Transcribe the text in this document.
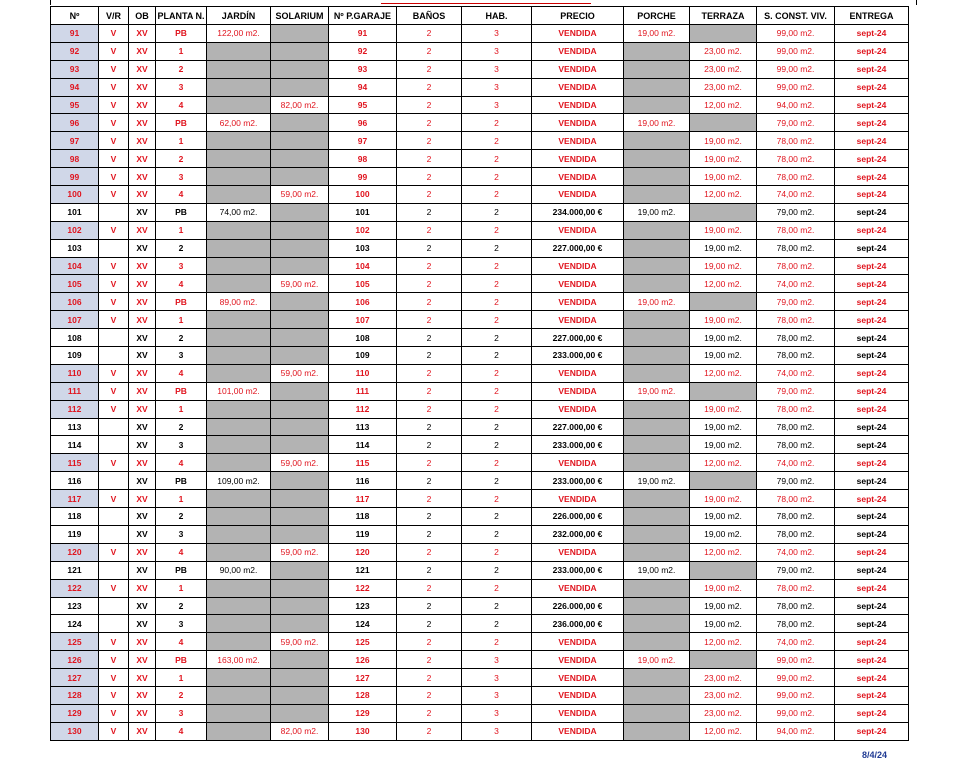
Nº	V/R	OB	PLANTA N.	JARDÍN	SOLARIUM	Nº P.GARAJE	BAÑOS	HAB.	PRECIO	PORCHE	TERRAZA	S. CONST. VIV.	ENTREGA
91	V	XV	PB	122,00 m2.		91	2	3	VENDIDA	19,00 m2.		99,00 m2.	sept-24
92	V	XV	1			92	2	3	VENDIDA		23,00 m2.	99,00 m2.	sept-24
93	V	XV	2			93	2	3	VENDIDA		23,00 m2.	99,00 m2.	sept-24
94	V	XV	3			94	2	3	VENDIDA		23,00 m2.	99,00 m2.	sept-24
95	V	XV	4		82,00 m2.	95	2	3	VENDIDA		12,00 m2.	94,00 m2.	sept-24
96	V	XV	PB	62,00 m2.		96	2	2	VENDIDA	19,00 m2.		79,00 m2.	sept-24
97	V	XV	1			97	2	2	VENDIDA		19,00 m2.	78,00 m2.	sept-24
98	V	XV	2			98	2	2	VENDIDA		19,00 m2.	78,00 m2.	sept-24
99	V	XV	3			99	2	2	VENDIDA		19,00 m2.	78,00 m2.	sept-24
100	V	XV	4		59,00 m2.	100	2	2	VENDIDA		12,00 m2.	74,00 m2.	sept-24
101		XV	PB	74,00 m2.		101	2	2	234.000,00 €	19,00 m2.		79,00 m2.	sept-24
102	V	XV	1			102	2	2	VENDIDA		19,00 m2.	78,00 m2.	sept-24
103		XV	2			103	2	2	227.000,00 €		19,00 m2.	78,00 m2.	sept-24
104	V	XV	3			104	2	2	VENDIDA		19,00 m2.	78,00 m2.	sept-24
105	V	XV	4		59,00 m2.	105	2	2	VENDIDA		12,00 m2.	74,00 m2.	sept-24
106	V	XV	PB	89,00 m2.		106	2	2	VENDIDA	19,00 m2.		79,00 m2.	sept-24
107	V	XV	1			107	2	2	VENDIDA		19,00 m2.	78,00 m2.	sept-24
108		XV	2			108	2	2	227.000,00 €		19,00 m2.	78,00 m2.	sept-24
109		XV	3			109	2	2	233.000,00 €		19,00 m2.	78,00 m2.	sept-24
110	V	XV	4		59,00 m2.	110	2	2	VENDIDA		12,00 m2.	74,00 m2.	sept-24
111	V	XV	PB	101,00 m2.		111	2	2	VENDIDA	19,00 m2.		79,00 m2.	sept-24
112	V	XV	1			112	2	2	VENDIDA		19,00 m2.	78,00 m2.	sept-24
113		XV	2			113	2	2	227.000,00 €		19,00 m2.	78,00 m2.	sept-24
114		XV	3			114	2	2	233.000,00 €		19,00 m2.	78,00 m2.	sept-24
115	V	XV	4		59,00 m2.	115	2	2	VENDIDA		12,00 m2.	74,00 m2.	sept-24
116		XV	PB	109,00 m2.		116	2	2	233.000,00 €	19,00 m2.		79,00 m2.	sept-24
117	V	XV	1			117	2	2	VENDIDA		19,00 m2.	78,00 m2.	sept-24
118		XV	2			118	2	2	226.000,00 €		19,00 m2.	78,00 m2.	sept-24
119		XV	3			119	2	2	232.000,00 €		19,00 m2.	78,00 m2.	sept-24
120	V	XV	4		59,00 m2.	120	2	2	VENDIDA		12,00 m2.	74,00 m2.	sept-24
121		XV	PB	90,00 m2.		121	2	2	233.000,00 €	19,00 m2.		79,00 m2.	sept-24
122	V	XV	1			122	2	2	VENDIDA		19,00 m2.	78,00 m2.	sept-24
123		XV	2			123	2	2	226.000,00 €		19,00 m2.	78,00 m2.	sept-24
124		XV	3			124	2	2	236.000,00 €		19,00 m2.	78,00 m2.	sept-24
125	V	XV	4		59,00 m2.	125	2	2	VENDIDA		12,00 m2.	74,00 m2.	sept-24
126	V	XV	PB	163,00 m2.		126	2	3	VENDIDA	19,00 m2.		99,00 m2.	sept-24
127	V	XV	1			127	2	3	VENDIDA		23,00 m2.	99,00 m2.	sept-24
128	V	XV	2			128	2	3	VENDIDA		23,00 m2.	99,00 m2.	sept-24
129	V	XV	3			129	2	3	VENDIDA		23,00 m2.	99,00 m2.	sept-24
130	V	XV	4		82,00 m2.	130	2	3	VENDIDA		12,00 m2.	94,00 m2.	sept-24
8/4/24
